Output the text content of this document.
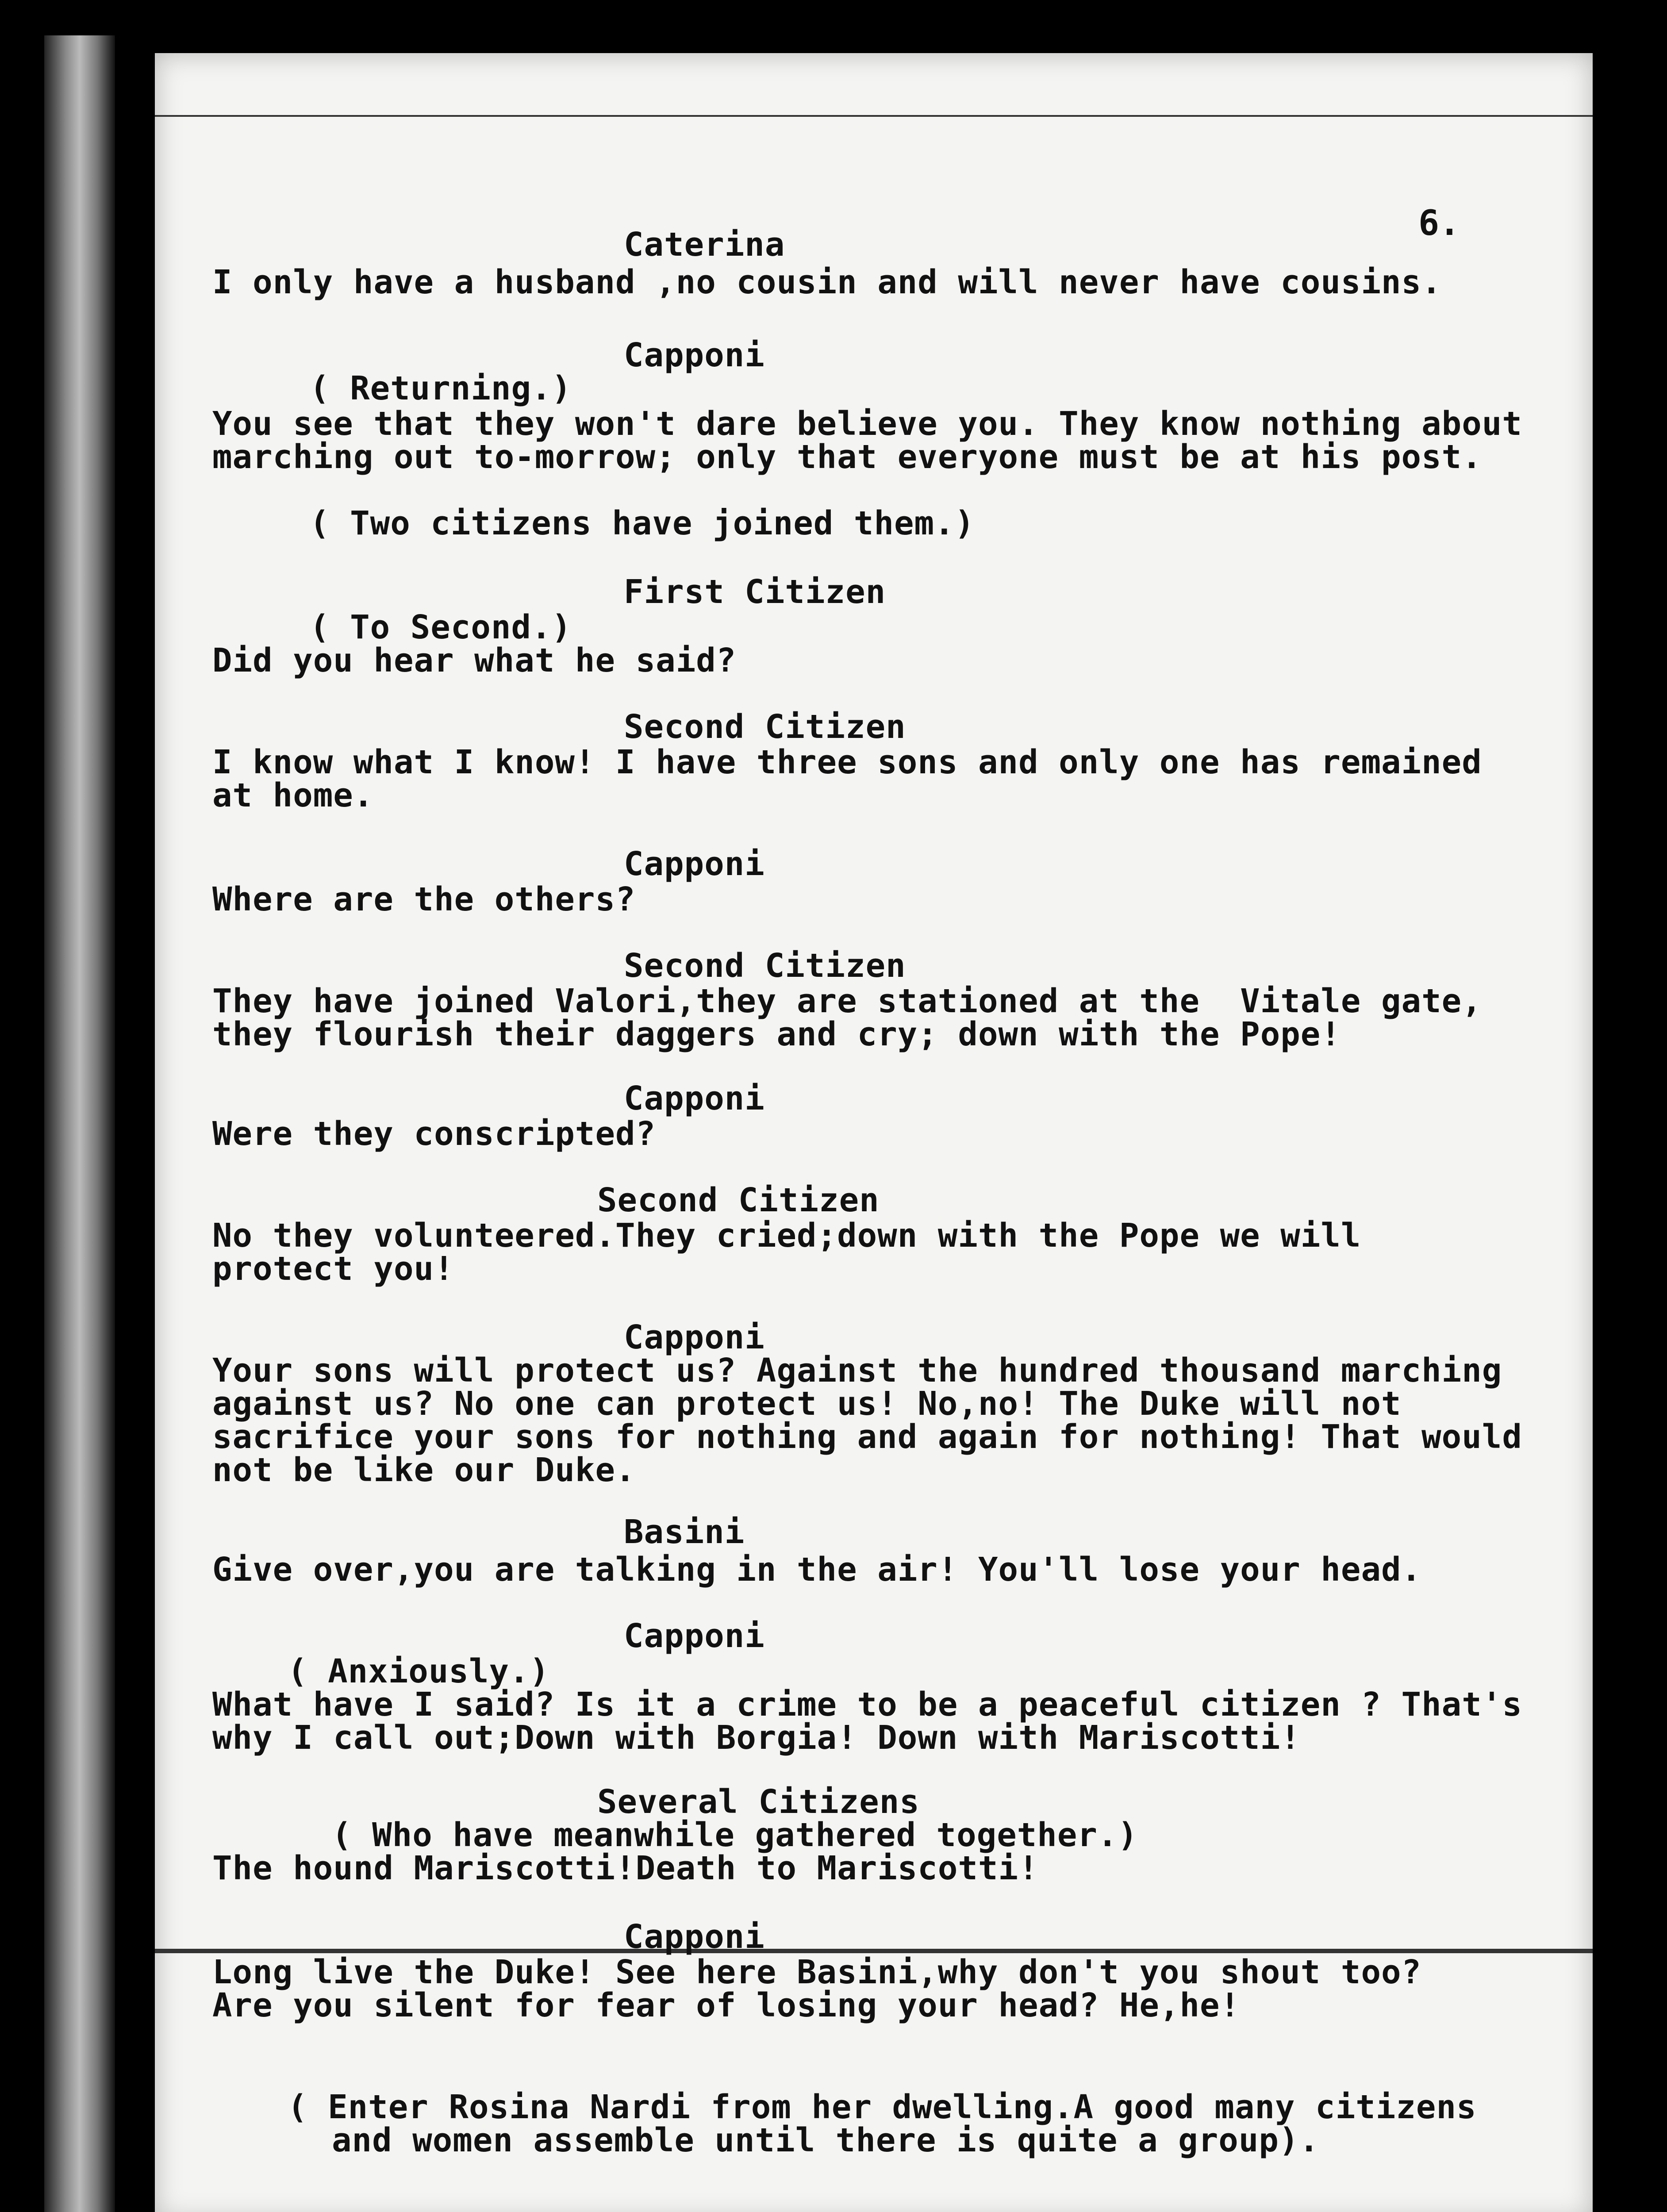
6.
Caterina
I only have a husband ,no cousin and will never have cousins.
Capponi
( Returning.)
You see that they won't dare believe you. They know nothing about
marching out to-morrow; only that everyone must be at his post.
( Two citizens have joined them.)
First Citizen
( To Second.)
Did you hear what he said?
Second Citizen
I know what I know! I have three sons and only one has remained
at home.
Capponi
Where are the others?
Second Citizen
They have joined Valori,they are stationed at the  Vitale gate,
they flourish their daggers and cry; down with the Pope!
Capponi
Were they conscripted?
Second Citizen
No they volunteered.They cried;down with the Pope we will
protect you!
Capponi
Your sons will protect us? Against the hundred thousand marching
against us? No one can protect us! No,no! The Duke will not
sacrifice your sons for nothing and again for nothing! That would
not be like our Duke.
Basini
Give over,you are talking in the air! You'll lose your head.
Capponi
( Anxiously.)
What have I said? Is it a crime to be a peaceful citizen ? That's
why I call out;Down with Borgia! Down with Mariscotti!
Several Citizens
( Who have meanwhile gathered together.)
The hound Mariscotti!Death to Mariscotti!
Capponi
Long live the Duke! See here Basini,why don't you shout too?
Are you silent for fear of losing your head? He,he!
( Enter Rosina Nardi from her dwelling.A good many citizens
and women assemble until there is quite a group).
